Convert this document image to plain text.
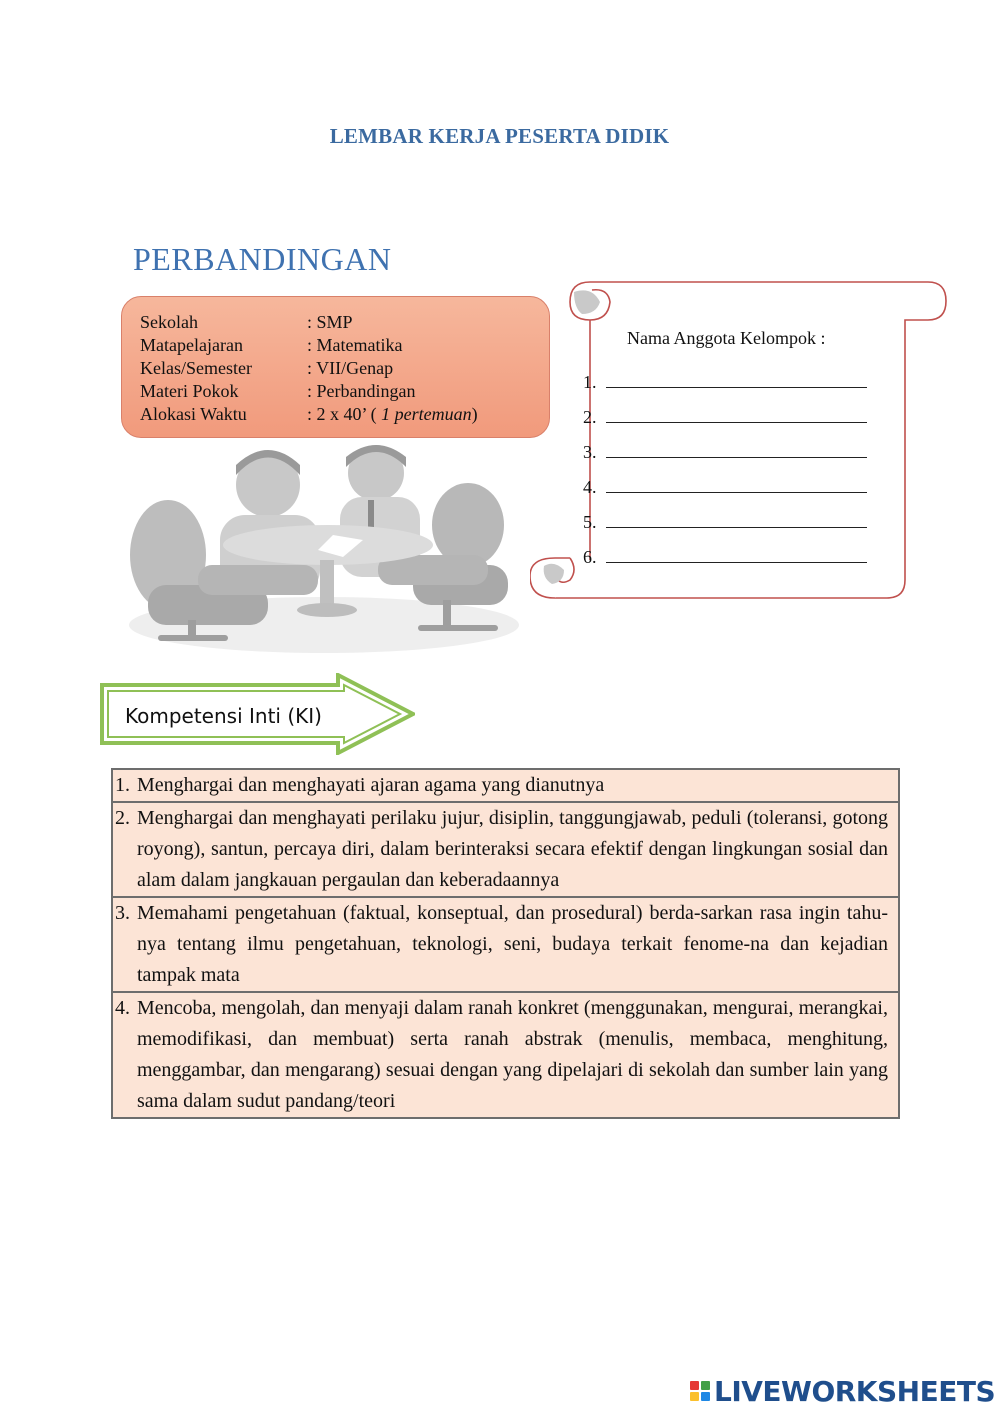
LEMBAR KERJA PESERTA DIDIK
PERBANDINGAN
Sekolah	: SMP
Matapelajaran	: Matematika
Kelas/Semester	: VII/Genap
Materi Pokok	: Perbandingan
Alokasi Waktu	: 2 x 40’ ( 1 pertemuan)
Nama Anggota Kelompok :
1.
2.
3.
4.
5.
6.
Kompetensi Inti (KI)
1. Menghargai dan menghayati ajaran agama yang dianutnya

2. Menghargai dan menghayati perilaku jujur, disiplin, tanggungjawab, peduli (toleransi, gotong royong), santun, percaya diri, dalam berinteraksi secara efektif dengan lingkungan sosial dan alam dalam jangkauan pergaulan dan keberadaannya

3. Memahami pengetahuan (faktual, konseptual, dan prosedural) berda-sarkan rasa ingin tahu-nya tentang ilmu pengetahuan, teknologi, seni, budaya terkait fenome-na dan kejadian tampak mata

4. Mencoba, mengolah, dan menyaji dalam ranah konkret (menggunakan, mengurai, merangkai, memodifikasi, dan membuat) serta ranah abstrak (menulis, membaca, menghitung, menggambar, dan mengarang) sesuai dengan yang dipelajari di sekolah dan sumber lain yang sama dalam sudut pandang/teori
LIVEWORKSHEETS
